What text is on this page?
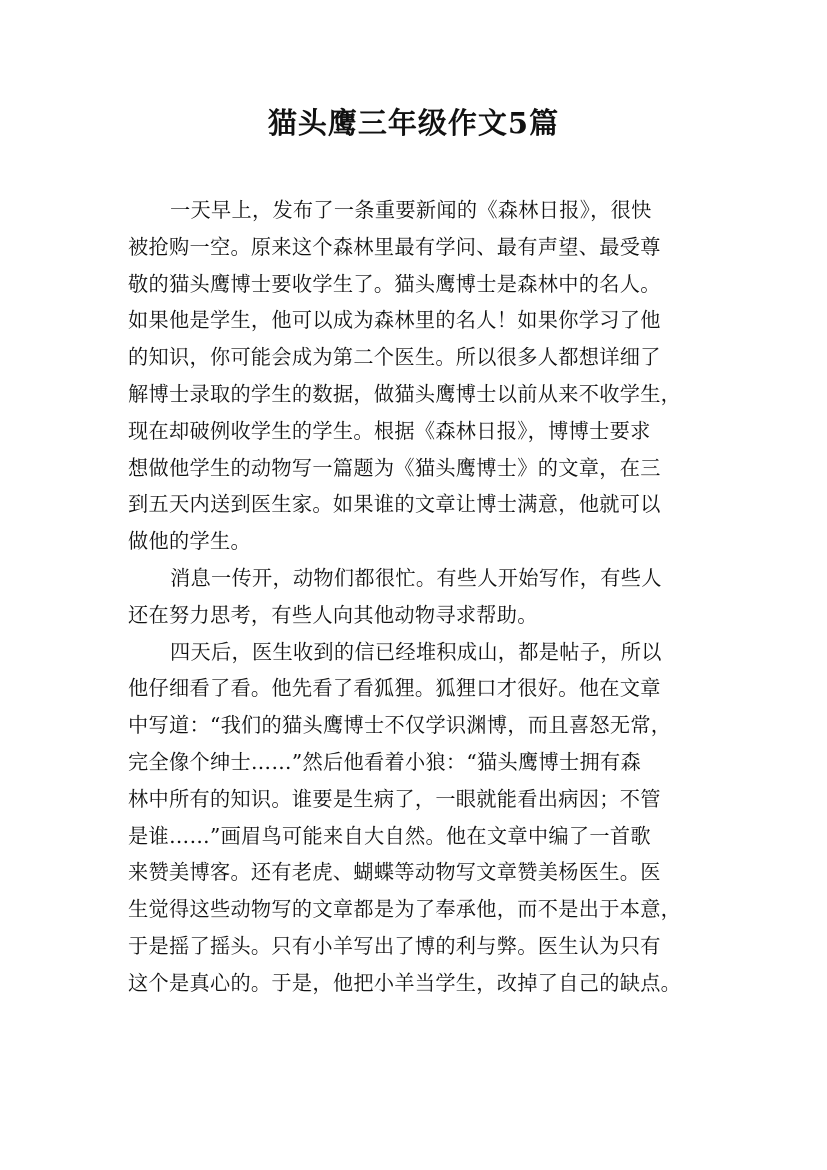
猫头鹰三年级作文5篇
一天早上，发布了一条重要新闻的《森林日报》，很快
被抢购一空。原来这个森林里最有学问、最有声望、最受尊
敬的猫头鹰博士要收学生了。猫头鹰博士是森林中的名人。
如果他是学生，他可以成为森林里的名人！如果你学习了他
的知识，你可能会成为第二个医生。所以很多人都想详细了
解博士录取的学生的数据，做猫头鹰博士以前从来不收学生，
现在却破例收学生的学生。根据《森林日报》，博博士要求
想做他学生的动物写一篇题为《猫头鹰博士》的文章，在三
到五天内送到医生家。如果谁的文章让博士满意，他就可以
做他的学生。
消息一传开，动物们都很忙。有些人开始写作，有些人
还在努力思考，有些人向其他动物寻求帮助。
四天后，医生收到的信已经堆积成山，都是帖子，所以
他仔细看了看。他先看了看狐狸。狐狸口才很好。他在文章
中写道：“我们的猫头鹰博士不仅学识渊博，而且喜怒无常，
完全像个绅士……”然后他看着小狼：“猫头鹰博士拥有森
林中所有的知识。谁要是生病了，一眼就能看出病因；不管
是谁……”画眉鸟可能来自大自然。他在文章中编了一首歌
来赞美博客。还有老虎、蝴蝶等动物写文章赞美杨医生。医
生觉得这些动物写的文章都是为了奉承他，而不是出于本意，
于是摇了摇头。只有小羊写出了博的利与弊。医生认为只有
这个是真心的。于是，他把小羊当学生，改掉了自己的缺点。
